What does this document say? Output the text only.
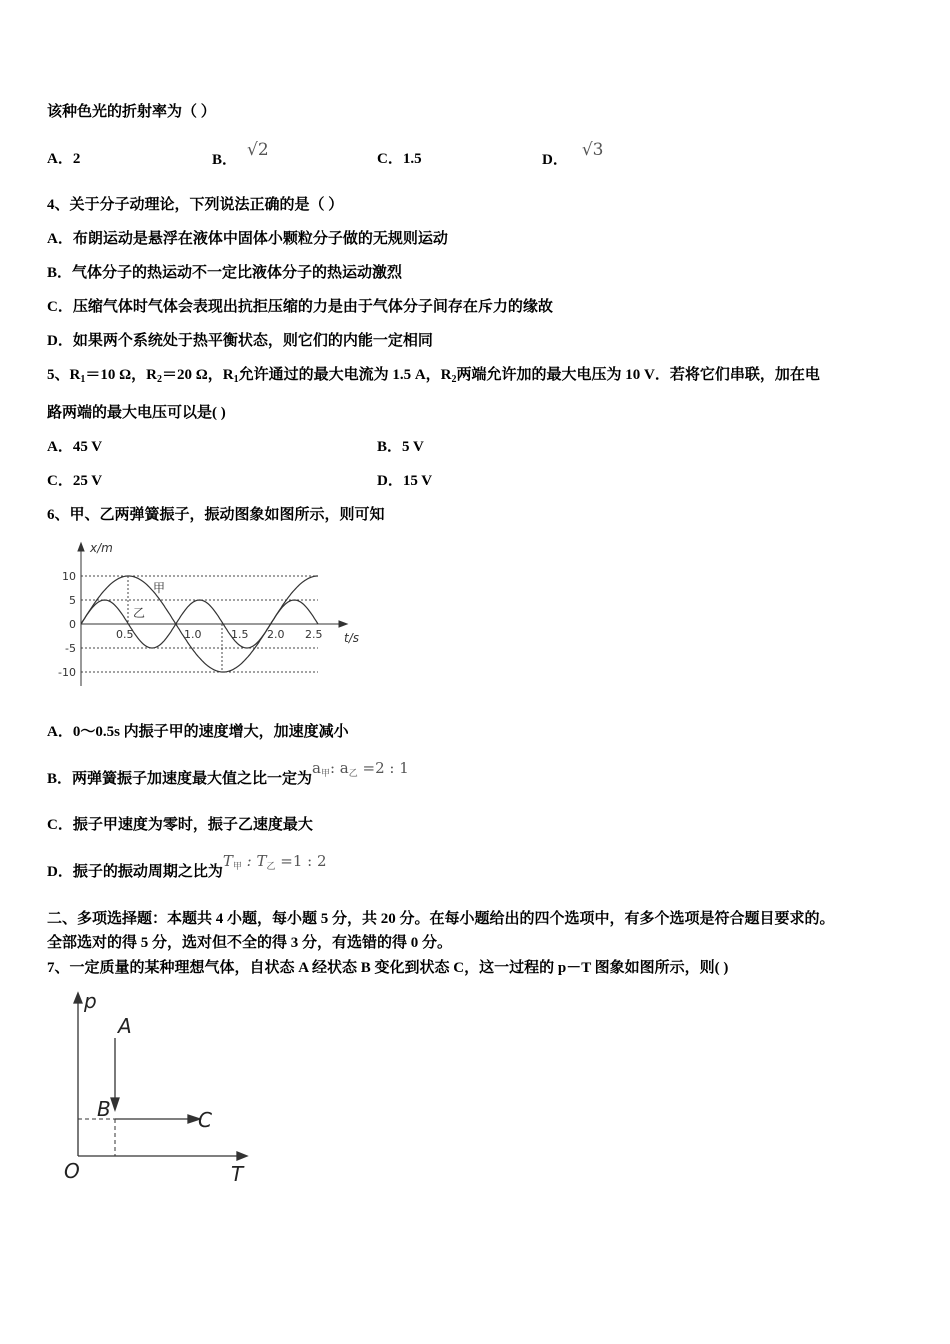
该种色光的折射率为（ ）
A．2	B． √2	C．1.5	D． √3
4、关于分子动理论，下列说法正确的是（ ）
A．布朗运动是悬浮在液体中固体小颗粒分子做的无规则运动
B．气体分子的热运动不一定比液体分子的热运动激烈
C．压缩气体时气体会表现出抗拒压缩的力是由于气体分子间存在斥力的缘故
D．如果两个系统处于热平衡状态，则它们的内能一定相同
5、$R_1=10$ Ω，$R_2=20$ Ω，$R_1$允许通过的最大电流为 1.5 A，$R_2$两端允许加的最大电压为 10 V．若将它们串联，加在电
路两端的最大电压可以是( )
A．45 V	B．5 V
C．25 V	D．15 V
6、甲、乙两弹簧振子，振动图象如图所示，则可知
x/m
t/s
10
5
0
-5
-10
0.5	1.0	1.5 2.0 2.5
甲
乙
A．0～0.5s 内振子甲的速度增大，加速度减小
B．两弹簧振子加速度最大值之比一定为$a_甲$: $a_乙 =2$ : 1
C．振子甲速度为零时，振子乙速度最大
D．振子的振动周期之比为$T_甲$ : $T_乙 =1$ : 2
二、多项选择题：本题共 4 小题，每小题 5 分，共 20 分。在每小题给出的四个选项中，有多个选项是符合题目要求的。
全部选对的得 5 分，选对但不全的得 3 分，有选错的得 0 分。
7、一定质量的某种理想气体，自状态 A 经状态 B 变化到状态 C，这一过程的 p－T 图象如图所示，则( )
p
T
O
A
B	C
